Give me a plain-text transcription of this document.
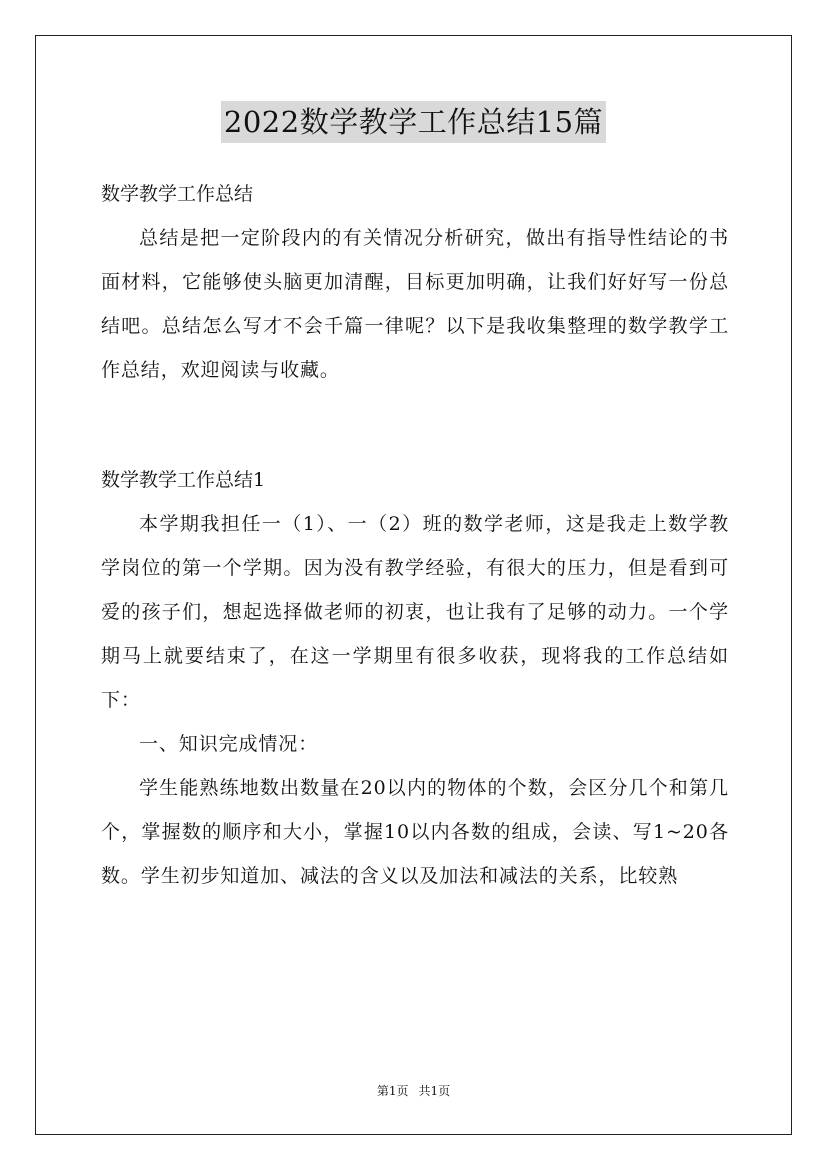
2022数学教学工作总结15篇

数学教学工作总结

总结是把一定阶段内的有关情况分析研究，做出有指导性结论的书面材料，它能够使头脑更加清醒，目标更加明确，让我们好好写一份总结吧。总结怎么写才不会千篇一律呢？以下是我收集整理的数学教学工作总结，欢迎阅读与收藏。

数学教学工作总结1

本学期我担任一（1）、一（2）班的数学老师，这是我走上数学教学岗位的第一个学期。因为没有教学经验，有很大的压力，但是看到可爱的孩子们，想起选择做老师的初衷，也让我有了足够的动力。一个学期马上就要结束了，在这一学期里有很多收获，现将我的工作总结如下：

一、知识完成情况：

学生能熟练地数出数量在20以内的物体的个数，会区分几个和第几个，掌握数的顺序和大小，掌握10以内各数的组成，会读、写1~20各数。学生初步知道加、减法的含义以及加法和减法的关系，比较熟

第1页 共1页
